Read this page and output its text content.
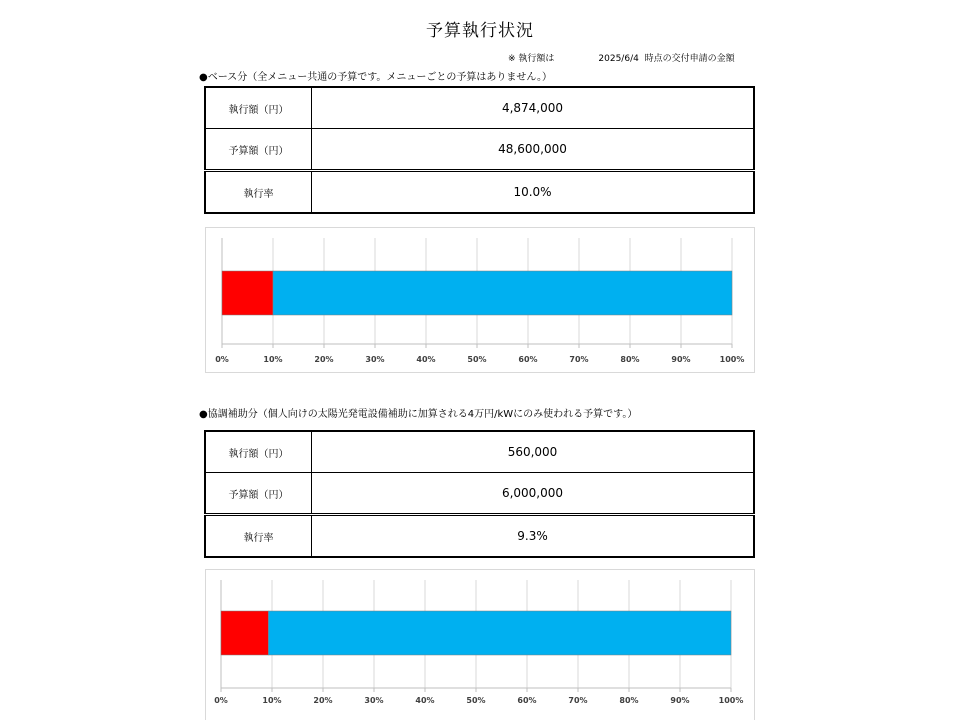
予算執行状況
※ 執行額は	2025/6/4 時点の交付申請の金額
●ベース分（全メニュー共通の予算です。メニューごとの予算はありません。）
執行額（円）	4,874,000
予算額（円）	48,600,000
執行率	10.0%
0%	10%	20%	30%	40%	50%	60%	70%	80%	90%	100%
●協調補助分（個人向けの太陽光発電設備補助に加算される4万円/kWにのみ使われる予算です。）
執行額（円）	560,000
予算額（円）	6,000,000
執行率	9.3%
0%	10%	20%	30%	40%	50%	60%	70%	80%	90%	100%
